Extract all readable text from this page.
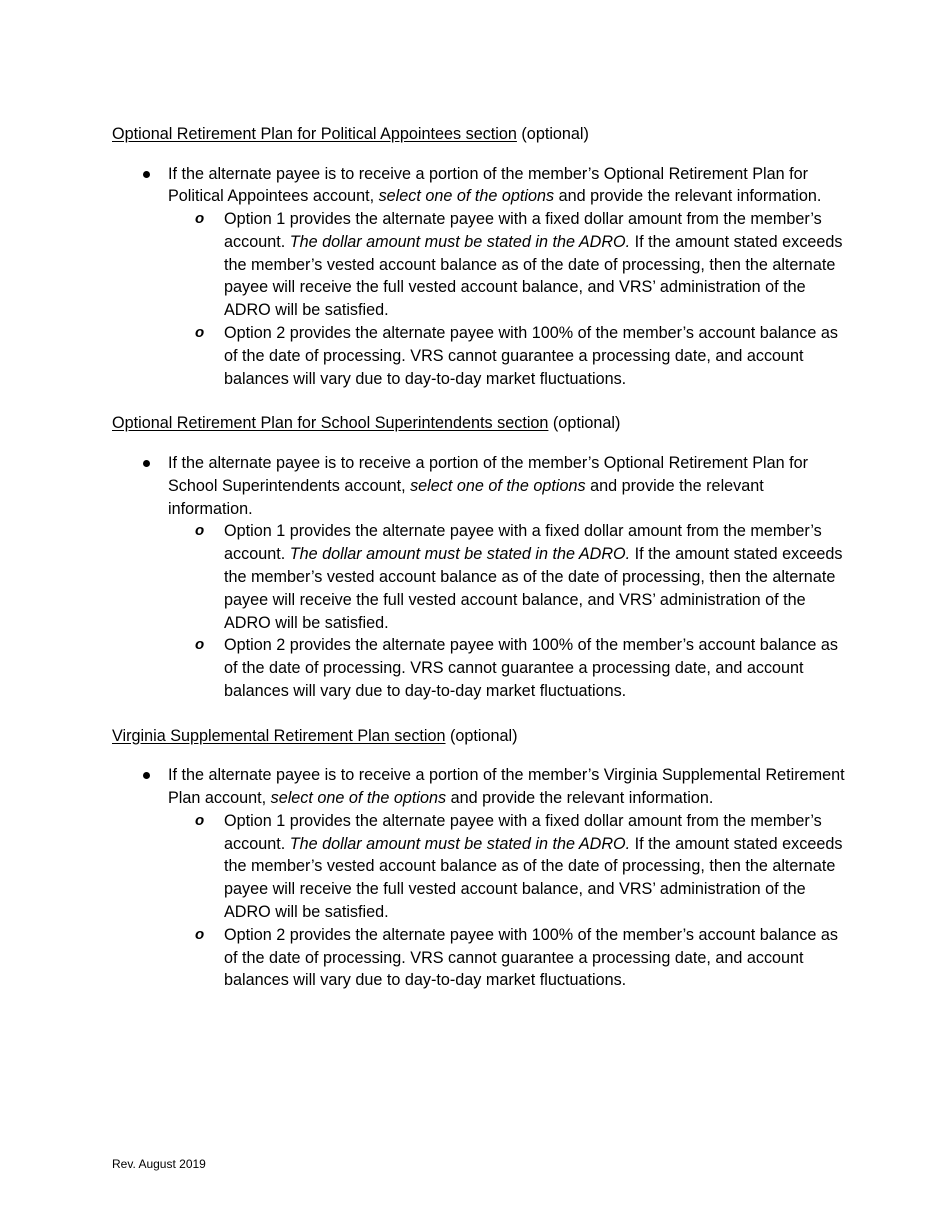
Optional Retirement Plan for Political Appointees section (optional)

If the alternate payee is to receive a portion of the member’s Optional Retirement Plan for Political Appointees account, select one of the options and provide the relevant information.

o Option 1 provides the alternate payee with a fixed dollar amount from the member’s account. The dollar amount must be stated in the ADRO. If the amount stated exceeds the member’s vested account balance as of the date of processing, then the alternate payee will receive the full vested account balance, and VRS’ administration of the ADRO will be satisfied.
o Option 2 provides the alternate payee with 100% of the member’s account balance as of the date of processing. VRS cannot guarantee a processing date, and account balances will vary due to day-to-day market fluctuations.

Optional Retirement Plan for School Superintendents section (optional)

If the alternate payee is to receive a portion of the member’s Optional Retirement Plan for School Superintendents account, select one of the options and provide the relevant information.

o Option 1 provides the alternate payee with a fixed dollar amount from the member’s account. The dollar amount must be stated in the ADRO. If the amount stated exceeds the member’s vested account balance as of the date of processing, then the alternate payee will receive the full vested account balance, and VRS’ administration of the ADRO will be satisfied.
o Option 2 provides the alternate payee with 100% of the member’s account balance as of the date of processing. VRS cannot guarantee a processing date, and account balances will vary due to day-to-day market fluctuations.

Virginia Supplemental Retirement Plan section (optional)

If the alternate payee is to receive a portion of the member’s Virginia Supplemental Retirement Plan account, select one of the options and provide the relevant information.

o Option 1 provides the alternate payee with a fixed dollar amount from the member’s account. The dollar amount must be stated in the ADRO. If the amount stated exceeds the member’s vested account balance as of the date of processing, then the alternate payee will receive the full vested account balance, and VRS’ administration of the ADRO will be satisfied.
o Option 2 provides the alternate payee with 100% of the member’s account balance as of the date of processing. VRS cannot guarantee a processing date, and account balances will vary due to day-to-day market fluctuations.
Rev. August 2019
